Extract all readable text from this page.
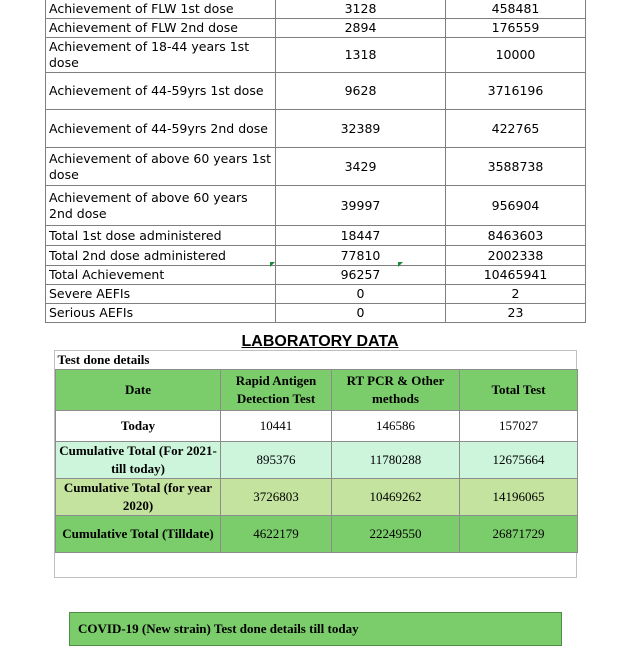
Achievement of FLW 1st dose	3128	458481
Achievement of FLW 2nd dose	2894	176559
Achievement of 18-44 years 1st dose	1318	10000
Achievement of 44-59yrs 1st dose	9628	3716196
Achievement of 44-59yrs 2nd dose	32389	422765
Achievement of above 60 years 1st dose	3429	3588738
Achievement of above 60 years 2nd dose	39997	956904
Total 1st dose administered	18447	8463603
Total 2nd dose administered	77810	2002338
Total Achievement	96257	10465941
Severe AEFIs	0	2
Serious AEFIs	0	23
LABORATORY DATA
Test done details			
Date	Rapid Antigen Detection Test	RT PCR & Other methods	Total Test
Today	10441	146586	157027
Cumulative Total (For 2021- till today)	895376	11780288	12675664
Cumulative Total (for year 2020)	3726803	10469262	14196065
Cumulative Total (Tilldate)	4622179	22249550	26871729
COVID-19 (New strain) Test done details till today
